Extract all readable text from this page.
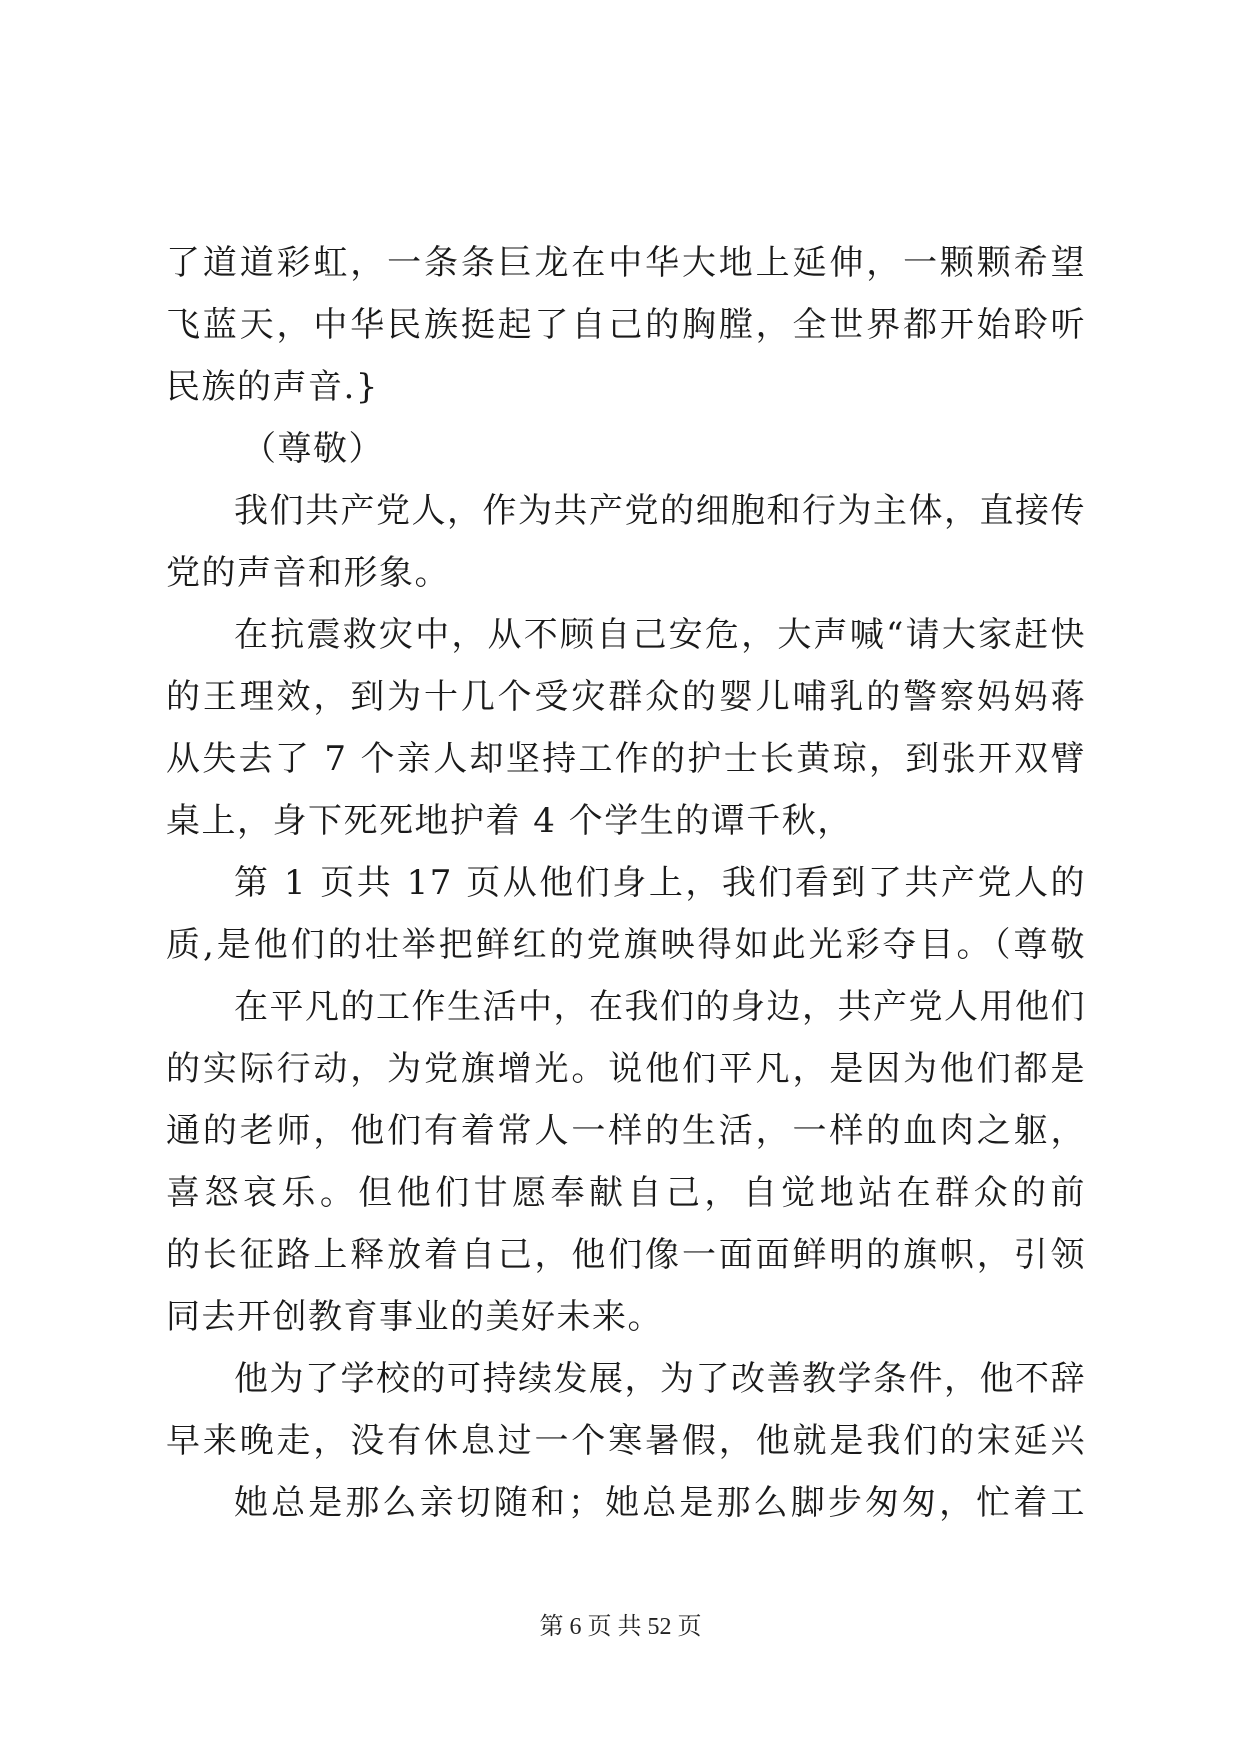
了道道彩虹，一条条巨龙在中华大地上延伸，一颗颗希望
飞蓝天，中华民族挺起了自己的胸膛，全世界都开始聆听
民族的声音.}
（尊敬）
我们共产党人，作为共产党的细胞和行为主体，直接传
党的声音和形象。
在抗震救灾中，从不顾自己安危，大声喊“请大家赶快
的王理效，到为十几个受灾群众的婴儿哺乳的警察妈妈蒋
从失去了 7 个亲人却坚持工作的护士长黄琼，到张开双臂
桌上，身下死死地护着 4 个学生的谭千秋，
第 1 页共 17 页从他们身上，我们看到了共产党人的
质,是他们的壮举把鲜红的党旗映得如此光彩夺目。（尊敬
在平凡的工作生活中，在我们的身边，共产党人用他们
的实际行动，为党旗增光。说他们平凡，是因为他们都是
通的老师，他们有着常人一样的生活，一样的血肉之躯，
喜怒哀乐。但他们甘愿奉献自己，自觉地站在群众的前
的长征路上释放着自己，他们像一面面鲜明的旗帜，引领
同去开创教育事业的美好未来。
他为了学校的可持续发展，为了改善教学条件，他不辞
早来晚走，没有休息过一个寒暑假，他就是我们的宋延兴
她总是那么亲切随和；她总是那么脚步匆匆，忙着工
第 6 页 共 52 页
